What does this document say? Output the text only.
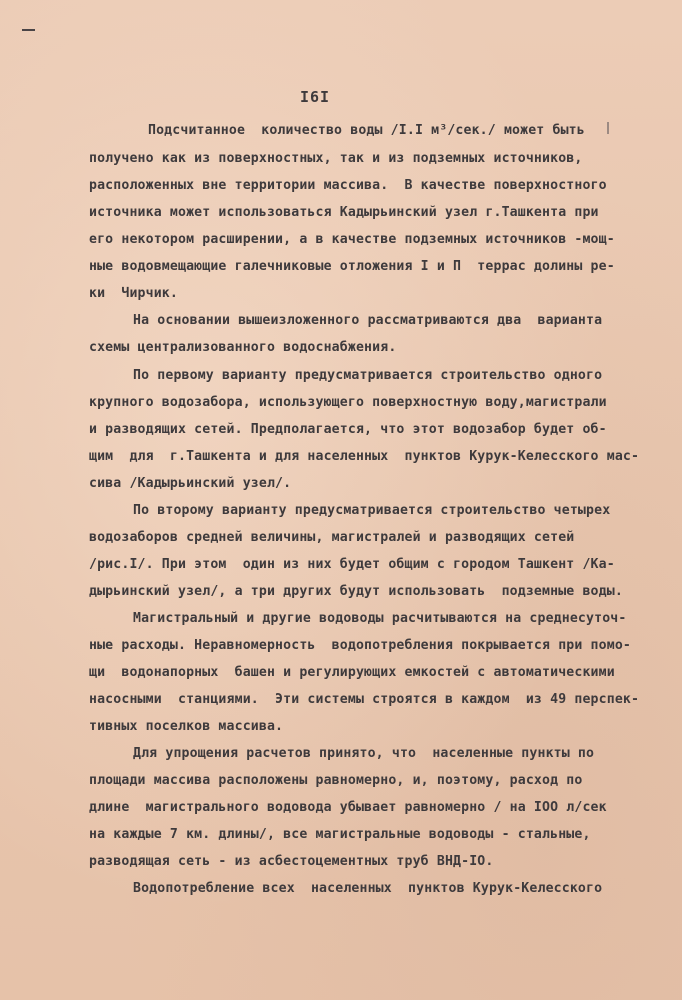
I6I
Подсчитанное  количество воды /I.I м³/сек./ может быть
получено как из поверхностных, так и из подземных источников,
расположенных вне территории массива.  В качестве поверхностного
источника может использоваться Кадырьинский узел г.Ташкента при
его некотором расширении, а в качестве подземных источников -мощ-
ные водовмещающие галечниковые отложения I и П  террас долины ре-
ки  Чирчик.
На основании вышеизложенного рассматриваются два  варианта
схемы централизованного водоснабжения.
По первому варианту предусматривается строительство одного
крупного водозабора, использующего поверхностную воду,магистрали
и разводящих сетей. Предполагается, что этот водозабор будет об-
щим  для  г.Ташкента и для населенных  пунктов Курук-Келесского мас-
сива /Кадырьинский узел/.
По второму варианту предусматривается строительство четырех
водозаборов средней величины, магистралей и разводящих сетей
/рис.I/. При этом  один из них будет общим с городом Ташкент /Ка-
дырьинский узел/, а три других будут использовать  подземные воды.
Магистральный и другие водоводы расчитываются на среднесуточ-
ные расходы. Неравномерность  водопотребления покрывается при помо-
щи  водонапорных  башен и регулирующих емкостей с автоматическими
насосными  станциями.  Эти системы строятся в каждом  из 49 перспек-
тивных поселков массива.
Для упрощения расчетов принято, что  населенные пункты по
площади массива расположены равномерно, и, поэтому, расход по
длине  магистрального водовода убывает равномерно / на IOO л/сек
на каждые 7 км. длины/, все магистральные водоводы - стальные,
разводящая сеть - из асбестоцементных труб ВНД-IO.
Водопотребление всех  населенных  пунктов Курук-Келесского
